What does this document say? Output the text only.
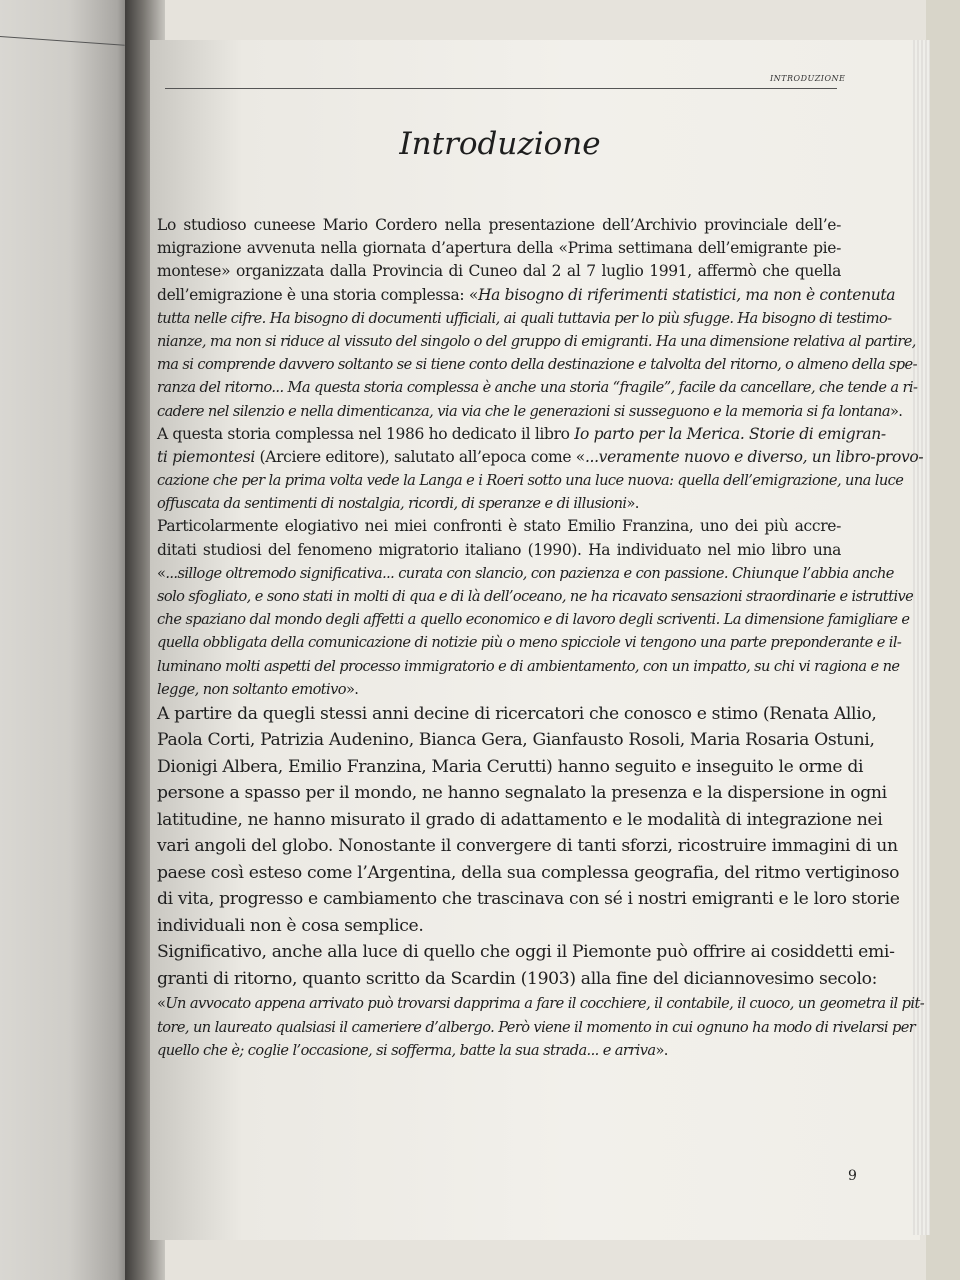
INTRODUZIONE
Introduzione
Lo studioso cuneese Mario Cordero nella presentazione dell’Archivio provinciale dell’e-
migrazione avvenuta nella giornata d’apertura della «Prima settimana dell’emigrante pie-
montese» organizzata dalla Provincia di Cuneo dal 2 al 7 luglio 1991, affermò che quella
dell’emigrazione è una storia complessa: «Ha bisogno di riferimenti statistici, ma non è contenuta
tutta nelle cifre. Ha bisogno di documenti ufficiali, ai quali tuttavia per lo più sfugge. Ha bisogno di testimo-
nianze, ma non si riduce al vissuto del singolo o del gruppo di emigranti. Ha una dimensione relativa al partire,
ma si comprende davvero soltanto se si tiene conto della destinazione e talvolta del ritorno, o almeno della spe-
ranza del ritorno... Ma questa storia complessa è anche una storia “fragile”, facile da cancellare, che tende a ri-
cadere nel silenzio e nella dimenticanza, via via che le generazioni si susseguono e la memoria si fa lontana».
A questa storia complessa nel 1986 ho dedicato il libro Io parto per la Merica. Storie di emigran-
ti piemontesi (Arciere editore), salutato all’epoca come «...veramente nuovo e diverso, un libro-provo-
cazione che per la prima volta vede la Langa e i Roeri sotto una luce nuova: quella dell’emigrazione, una luce
offuscata da sentimenti di nostalgia, ricordi, di speranze e di illusioni».
Particolarmente elogiativo nei miei confronti è stato Emilio Franzina, uno dei più accre-
ditati studiosi del fenomeno migratorio italiano (1990). Ha individuato nel mio libro una
«...silloge oltremodo significativa... curata con slancio, con pazienza e con passione. Chiunque l’abbia anche
solo sfogliato, e sono stati in molti di qua e di là dell’oceano, ne ha ricavato sensazioni straordinarie e istruttive
che spaziano dal mondo degli affetti a quello economico e di lavoro degli scriventi. La dimensione famigliare e
quella obbligata della comunicazione di notizie più o meno spicciole vi tengono una parte preponderante e il-
luminano molti aspetti del processo immigratorio e di ambientamento, con un impatto, su chi vi ragiona e ne
legge, non soltanto emotivo».
A partire da quegli stessi anni decine di ricercatori che conosco e stimo (Renata Allio,
Paola Corti, Patrizia Audenino, Bianca Gera, Gianfausto Rosoli, Maria Rosaria Ostuni,
Dionigi Albera, Emilio Franzina, Maria Cerutti) hanno seguito e inseguito le orme di
persone a spasso per il mondo, ne hanno segnalato la presenza e la dispersione in ogni
latitudine, ne hanno misurato il grado di adattamento e le modalità di integrazione nei
vari angoli del globo. Nonostante il convergere di tanti sforzi, ricostruire immagini di un
paese così esteso come l’Argentina, della sua complessa geografia, del ritmo vertiginoso
di vita, progresso e cambiamento che trascinava con sé i nostri emigranti e le loro storie
individuali non è cosa semplice.
Significativo, anche alla luce di quello che oggi il Piemonte può offrire ai cosiddetti emi-
granti di ritorno, quanto scritto da Scardin (1903) alla fine del diciannovesimo secolo:
«Un avvocato appena arrivato può trovarsi dapprima a fare il cocchiere, il contabile, il cuoco, un geometra il pit-
tore, un laureato qualsiasi il cameriere d’albergo. Però viene il momento in cui ognuno ha modo di rivelarsi per
quello che è; coglie l’occasione, si sofferma, batte la sua strada... e arriva».
9
